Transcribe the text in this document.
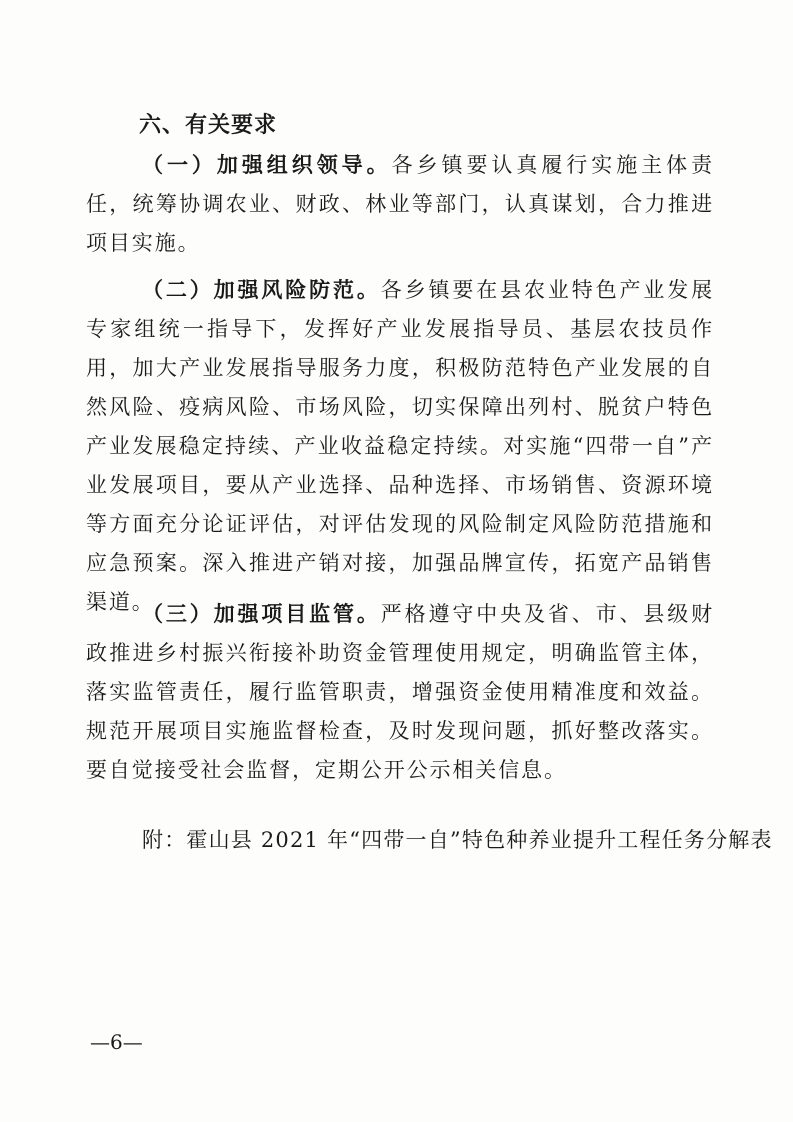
六、有关要求

（一）加强组织领导。各乡镇要认真履行实施主体责任，统筹协调农业、财政、林业等部门，认真谋划，合力推进项目实施。

（二）加强风险防范。各乡镇要在县农业特色产业发展专家组统一指导下，发挥好产业发展指导员、基层农技员作用，加大产业发展指导服务力度，积极防范特色产业发展的自然风险、疫病风险、市场风险，切实保障出列村、脱贫户特色产业发展稳定持续、产业收益稳定持续。对实施“四带一自”产业发展项目，要从产业选择、品种选择、市场销售、资源环境等方面充分论证评估，对评估发现的风险制定风险防范措施和应急预案。深入推进产销对接，加强品牌宣传，拓宽产品销售渠道。

（三）加强项目监管。严格遵守中央及省、市、县级财政推进乡村振兴衔接补助资金管理使用规定，明确监管主体，落实监管责任，履行监管职责，增强资金使用精准度和效益。规范开展项目实施监督检查，及时发现问题，抓好整改落实。要自觉接受社会监督，定期公开公示相关信息。

附：霍山县 2021 年“四带一自”特色种养业提升工程任务分解表

—6—
